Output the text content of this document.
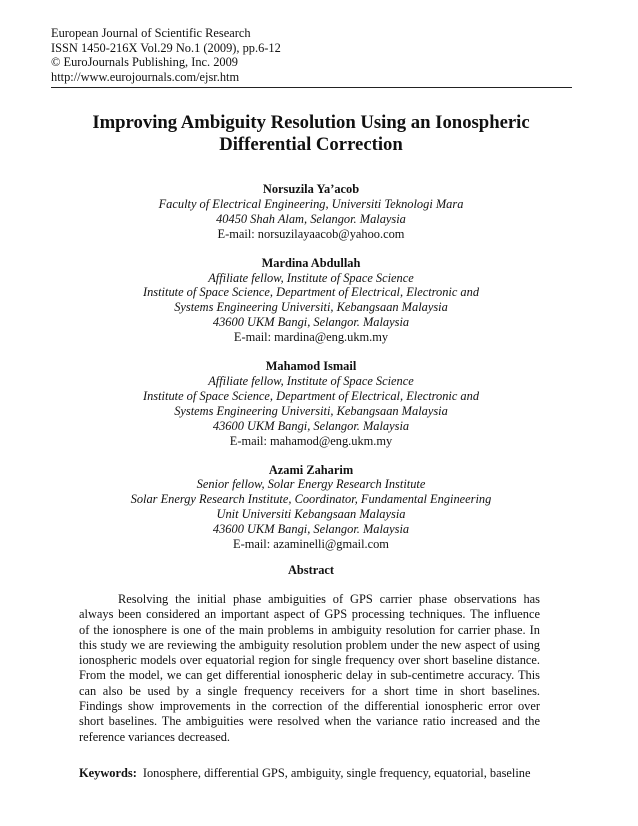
European Journal of Scientific Research
ISSN 1450-216X Vol.29 No.1 (2009), pp.6-12
© EuroJournals Publishing, Inc. 2009
http://www.eurojournals.com/ejsr.htm
Improving Ambiguity Resolution Using an Ionospheric
Differential Correction
Norsuzila Ya’acob
Faculty of Electrical Engineering, Universiti Teknologi Mara
40450 Shah Alam, Selangor. Malaysia
E-mail: norsuzilayaacob@yahoo.com
Mardina Abdullah
Affiliate fellow, Institute of Space Science
Institute of Space Science, Department of Electrical, Electronic and
Systems Engineering Universiti, Kebangsaan Malaysia
43600 UKM Bangi, Selangor. Malaysia
E-mail: mardina@eng.ukm.my
Mahamod Ismail
Affiliate fellow, Institute of Space Science
Institute of Space Science, Department of Electrical, Electronic and
Systems Engineering Universiti, Kebangsaan Malaysia
43600 UKM Bangi, Selangor. Malaysia
E-mail: mahamod@eng.ukm.my
Azami Zaharim
Senior fellow, Solar Energy Research Institute
Solar Energy Research Institute, Coordinator, Fundamental Engineering
Unit Universiti Kebangsaan Malaysia
43600 UKM Bangi, Selangor. Malaysia
E-mail: azaminelli@gmail.com
Abstract
Resolving the initial phase ambiguities of GPS carrier phase observations has
always been considered an important aspect of GPS processing techniques. The influence
of the ionosphere is one of the main problems in ambiguity resolution for carrier phase. In
this study we are reviewing the ambiguity resolution problem under the new aspect of using
ionospheric models over equatorial region for single frequency over short baseline distance.
From the model, we can get differential ionospheric delay in sub-centimetre accuracy. This
can also be used by a single frequency receivers for a short time in short baselines.
Findings show improvements in the correction of the differential ionospheric error over
short baselines. The ambiguities were resolved when the variance ratio increased and the
reference variances decreased.
Keywords: Ionosphere, differential GPS, ambiguity, single frequency, equatorial, baseline
